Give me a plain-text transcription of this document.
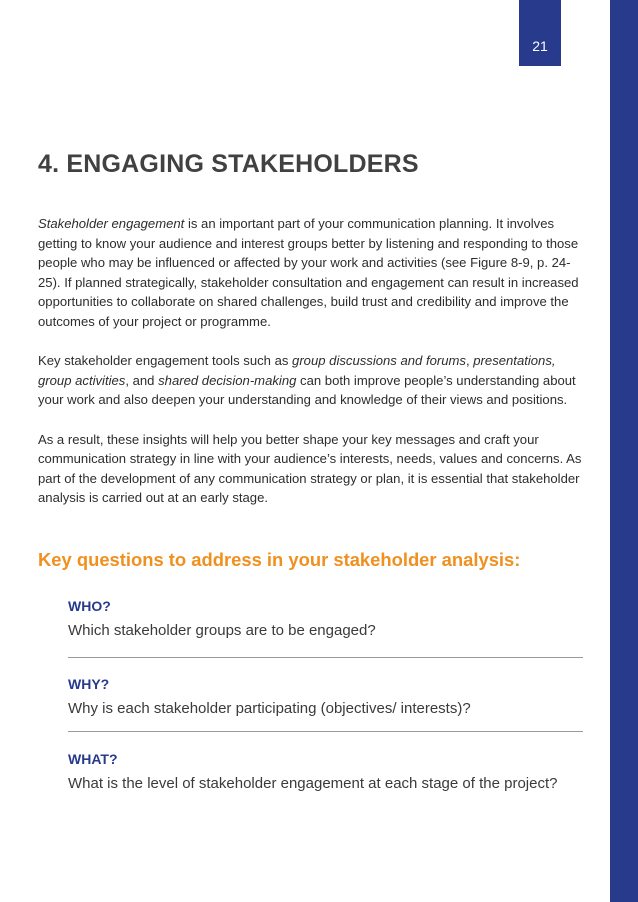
21
4. ENGAGING STAKEHOLDERS

Stakeholder engagement is an important part of your communication planning. It involves getting to know your audience and interest groups better by listening and responding to those people who may be influenced or affected by your work and activities (see Figure 8-9, p. 24-25). If planned strategically, stakeholder consultation and engagement can result in increased opportunities to collaborate on shared challenges, build trust and credibility and improve the outcomes of your project or programme.

Key stakeholder engagement tools such as group discussions and forums, presentations, group activities, and shared decision-making can both improve people’s understanding about your work and also deepen your understanding and knowledge of their views and positions.

As a result, these insights will help you better shape your key messages and craft your communication strategy in line with your audience’s interests, needs, values and concerns. As part of the development of any communication strategy or plan, it is essential that stakeholder analysis is carried out at an early stage.

Key questions to address in your stakeholder analysis:
WHO?
Which stakeholder groups are to be engaged?
WHY?
Why is each stakeholder participating (objectives/ interests)?
WHAT?
What is the level of stakeholder engagement at each stage of the project?
